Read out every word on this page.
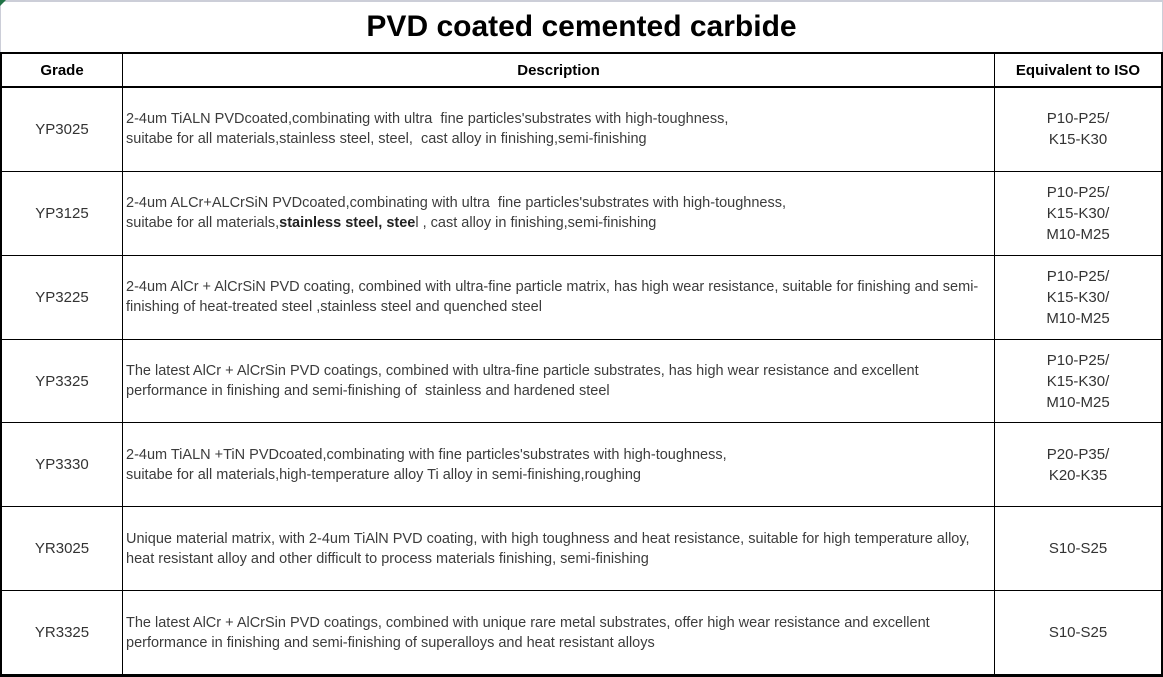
PVD coated cemented carbide
Grade	Description	Equivalent to ISO
YP3025
2-4um TiALN PVDcoated,combinating with ultra  fine particles'substrates with high-toughness,
suitabe for all materials,stainless steel, steel,  cast alloy in finishing,semi-finishing
P10-P25/
K15-K30
YP3125
2-4um ALCr+ALCrSiN PVDcoated,combinating with ultra  fine particles'substrates with high-toughness,
suitabe for all materials,stainless steel, steel , cast alloy in finishing,semi-finishing
P10-P25/
K15-K30/
M10-M25
YP3225
2-4um AlCr + AlCrSiN PVD coating, combined with ultra-fine particle matrix, has high wear resistance, suitable for finishing and semi-
finishing of heat-treated steel ,stainless steel and quenched steel
P10-P25/
K15-K30/
M10-M25
YP3325
The latest AlCr + AlCrSin PVD coatings, combined with ultra-fine particle substrates, has high wear resistance and excellent
performance in finishing and semi-finishing of  stainless and hardened steel
P10-P25/
K15-K30/
M10-M25
YP3330
2-4um TiALN +TiN PVDcoated,combinating with fine particles'substrates with high-toughness,
suitabe for all materials,high-temperature alloy Ti alloy in semi-finishing,roughing
P20-P35/
K20-K35
YR3025
Unique material matrix, with 2-4um TiAlN PVD coating, with high toughness and heat resistance, suitable for high temperature alloy,
heat resistant alloy and other difficult to process materials finishing, semi-finishing
S10-S25
YR3325
The latest AlCr + AlCrSin PVD coatings, combined with unique rare metal substrates, offer high wear resistance and excellent
performance in finishing and semi-finishing of superalloys and heat resistant alloys
S10-S25
